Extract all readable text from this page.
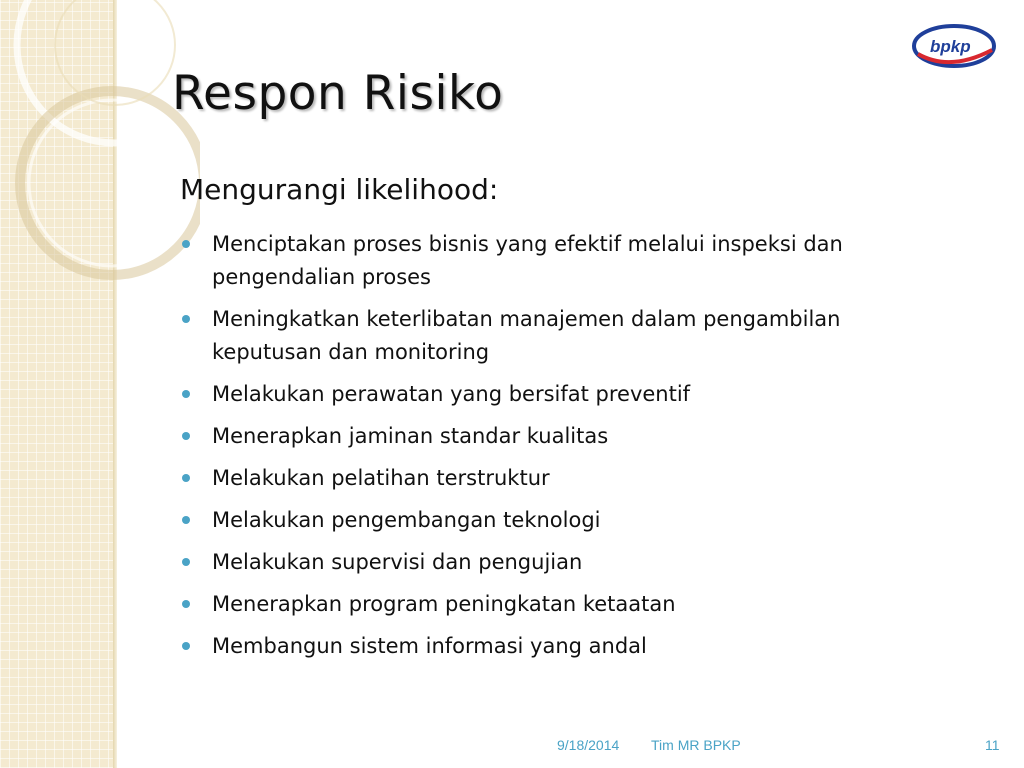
bpkp
Respon Risiko

Mengurangi likelihood:

Menciptakan proses bisnis yang efektif melalui inspeksi dan pengendalian proses
Meningkatkan keterlibatan manajemen dalam pengambilan keputusan dan monitoring
Melakukan perawatan yang bersifat preventif
Menerapkan jaminan standar kualitas
Melakukan pelatihan terstruktur
Melakukan pengembangan teknologi
Melakukan supervisi dan pengujian
Menerapkan program peningkatan ketaatan
Membangun sistem informasi yang andal
9/18/2014 Tim MR BPKP	11
